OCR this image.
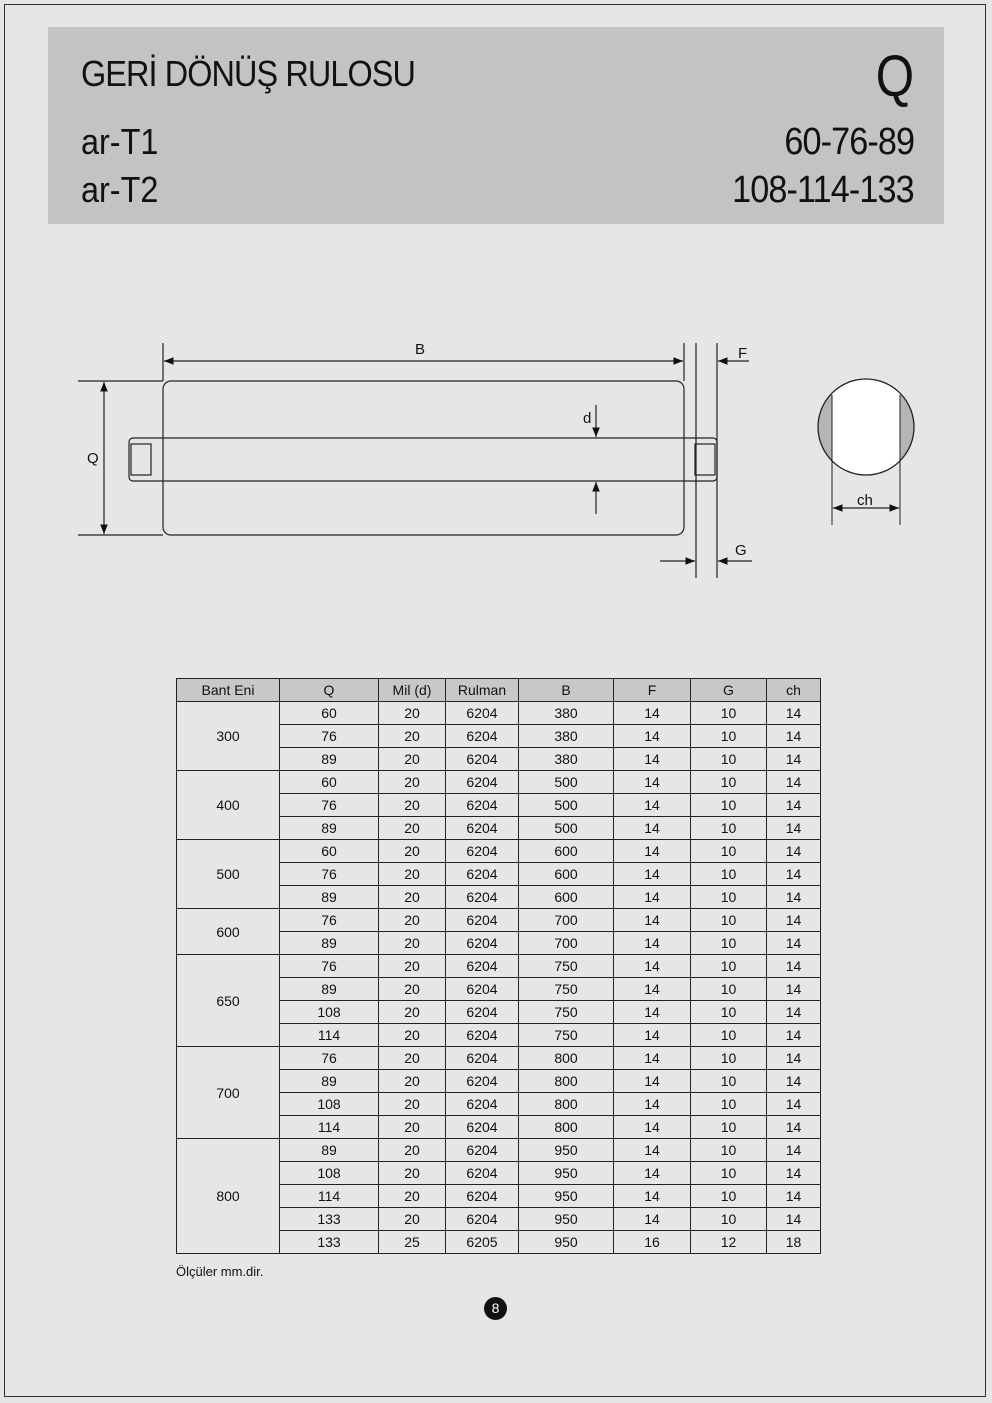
GERİ DÖNÜŞ RULOSU	Q
ar-T1
ar-T2
60-76-89
108-114-133
B	F
d
Q
G
ch
Bant Eni	Q	Mil (d)	Rulman	B	F	G	ch
300	60	20	6204	380	14	10	14
	76	20	6204	380	14	10	14
	89	20	6204	380	14	10	14
400	60	20	6204	500	14	10	14
	76	20	6204	500	14	10	14
	89	20	6204	500	14	10	14
500	60	20	6204	600	14	10	14
	76	20	6204	600	14	10	14
	89	20	6204	600	14	10	14
600	76	20	6204	700	14	10	14
	89	20	6204	700	14	10	14
650	76	20	6204	750	14	10	14
	89	20	6204	750	14	10	14
	108	20	6204	750	14	10	14
	114	20	6204	750	14	10	14
700	76	20	6204	800	14	10	14
	89	20	6204	800	14	10	14
	108	20	6204	800	14	10	14
	114	20	6204	800	14	10	14
800	89	20	6204	950	14	10	14
	108	20	6204	950	14	10	14
	114	20	6204	950	14	10	14
	133	20	6204	950	14	10	14
	133	25	6205	950	16	12	18
Ölçüler mm.dir.
8
